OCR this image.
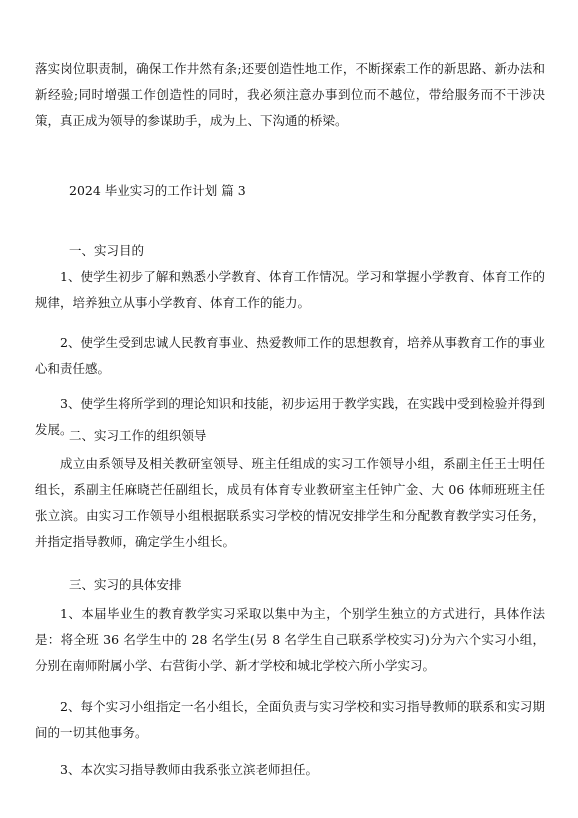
落实岗位职责制，确保工作井然有条;还要创造性地工作，不断探索工作的新思路、新办法和新经验;同时增强工作创造性的同时，我必须注意办事到位而不越位，带给服务而不干涉决策，真正成为领导的参谋助手，成为上、下沟通的桥梁。

2024 毕业实习的工作计划 篇 3

一、实习目的

1、使学生初步了解和熟悉小学教育、体育工作情况。学习和掌握小学教育、体育工作的规律，培养独立从事小学教育、体育工作的能力。

2、使学生受到忠诚人民教育事业、热爱教师工作的思想教育，培养从事教育工作的事业心和责任感。

3、使学生将所学到的理论知识和技能，初步运用于教学实践，在实践中受到检验并得到发展。

二、实习工作的组织领导

成立由系领导及相关教研室领导、班主任组成的实习工作领导小组，系副主任王士明任组长，系副主任麻晓芒任副组长，成员有体育专业教研室主任钟广金、大 06 体师班班主任张立滨。由实习工作领导小组根据联系实习学校的情况安排学生和分配教育教学实习任务，并指定指导教师，确定学生小组长。

三、实习的具体安排

1、本届毕业生的教育教学实习采取以集中为主，个别学生独立的方式进行，具体作法是：将全班 36 名学生中的 28 名学生(另 8 名学生自己联系学校实习)分为六个实习小组，分别在南师附属小学、右营街小学、新才学校和城北学校六所小学实习。

2、每个实习小组指定一名小组长，全面负责与实习学校和实习指导教师的联系和实习期间的一切其他事务。

3、本次实习指导教师由我系张立滨老师担任。
